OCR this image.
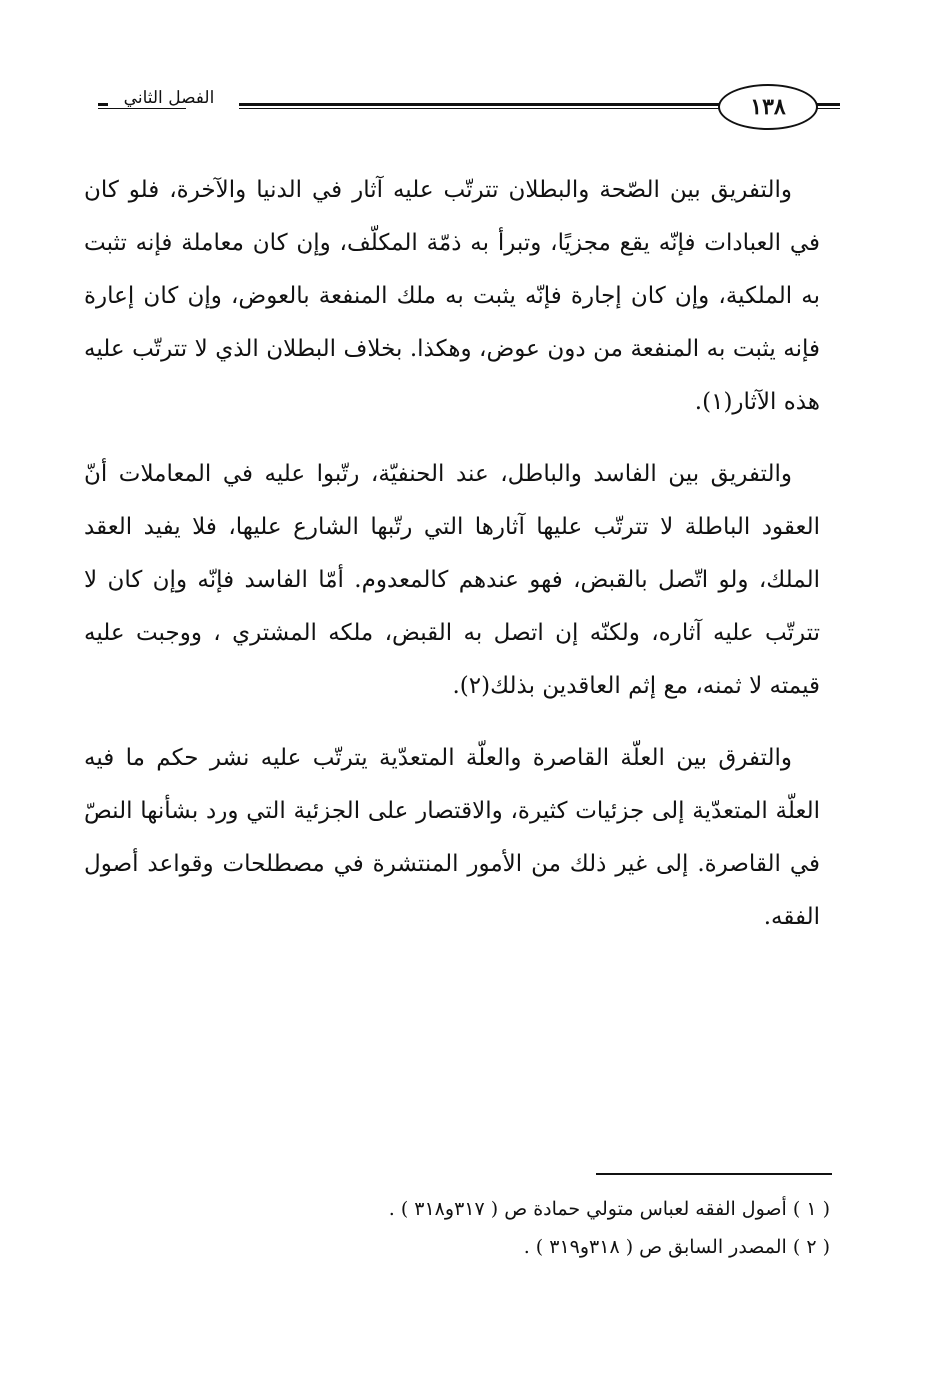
الفصل الثاني	١٣٨

والتفريق بين الصّحة والبطلان تترتّب عليه آثار في الدنيا والآخرة، فلو كان في العبادات فإنّه يقع مجزيًا، وتبرأ به ذمّة المكلّف، وإن كان معاملة فإنه تثبت به الملكية، وإن كان إجارة فإنّه يثبت به ملك المنفعة بالعوض، وإن كان إعارة فإنه يثبت به المنفعة من دون عوض، وهكذا. بخلاف البطلان الذي لا تترتّب عليه هذه الآثار(١).

والتفريق بين الفاسد والباطل، عند الحنفيّة، رتّبوا عليه في المعاملات أنّ العقود الباطلة لا تترتّب عليها آثارها التي رتّبها الشارع عليها، فلا يفيد العقد الملك، ولو اتّصل بالقبض، فهو عندهم كالمعدوم. أمّا الفاسد فإنّه وإن كان لا تترتّب عليه آثاره، ولكنّه إن اتصل به القبض، ملكه المشتري ، ووجبت عليه قيمته لا ثمنه، مع إثم العاقدين بذلك(٢).

والتفرق بين العلّة القاصرة والعلّة المتعدّية يترتّب عليه نشر حكم ما فيه العلّة المتعدّية إلى جزئيات كثيرة، والاقتصار على الجزئية التي ورد بشأنها النصّ في القاصرة. إلى غير ذلك من الأمور المنتشرة في مصطلحات وقواعد أصول الفقه.

( ١ ) أصول الفقه لعباس متولي حمادة ص ( ٣١٧و٣١٨ ) .
( ٢ ) المصدر السابق ص ( ٣١٨و٣١٩ ) .
